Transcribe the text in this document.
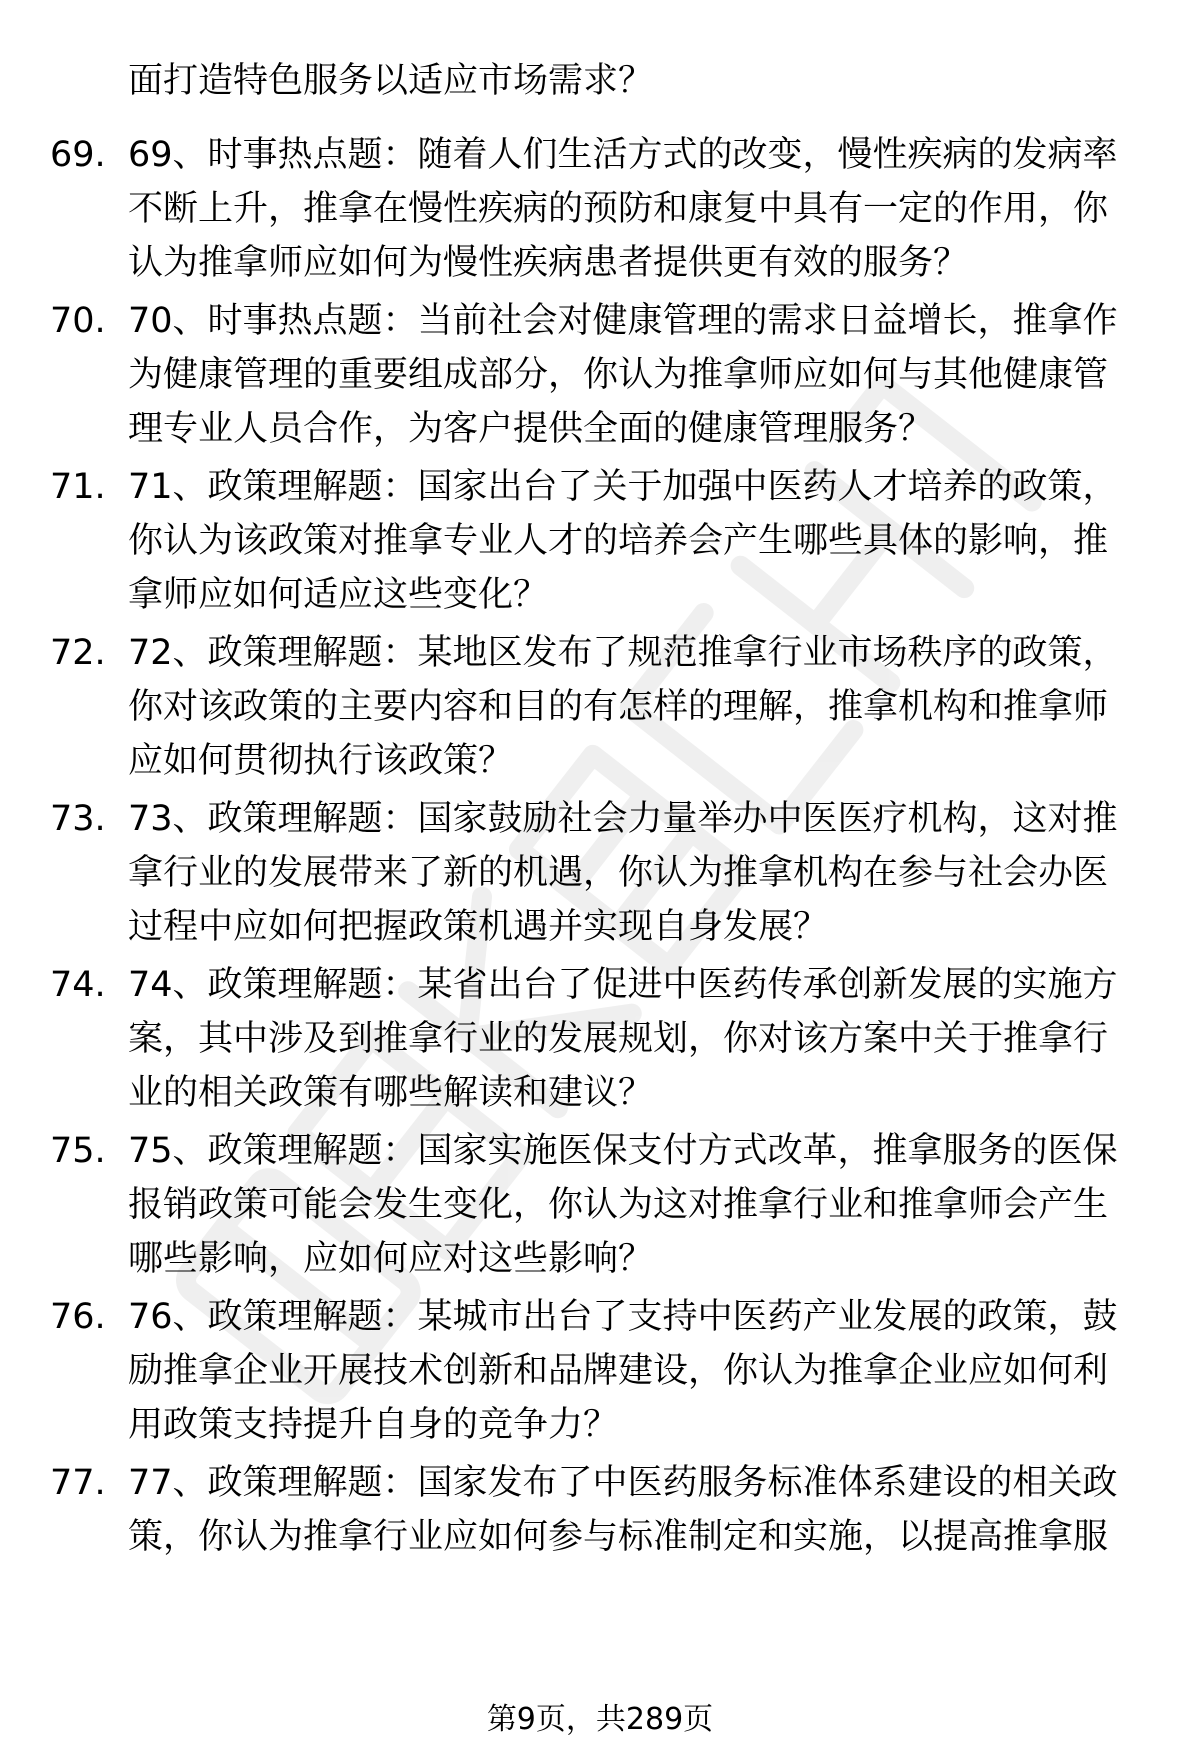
面打造特色服务以适应市场需求？
69. 69、时事热点题：随着人们生活方式的改变，慢性疾病的发病率
不断上升，推拿在慢性疾病的预防和康复中具有一定的作用，你
认为推拿师应如何为慢性疾病患者提供更有效的服务？
70. 70、时事热点题：当前社会对健康管理的需求日益增长，推拿作
为健康管理的重要组成部分，你认为推拿师应如何与其他健康管
理专业人员合作，为客户提供全面的健康管理服务？
71. 71、政策理解题：国家出台了关于加强中医药人才培养的政策，
你认为该政策对推拿专业人才的培养会产生哪些具体的影响，推
拿师应如何适应这些变化？
72. 72、政策理解题：某地区发布了规范推拿行业市场秩序的政策，
你对该政策的主要内容和目的有怎样的理解，推拿机构和推拿师
应如何贯彻执行该政策？
73. 73、政策理解题：国家鼓励社会力量举办中医医疗机构，这对推
拿行业的发展带来了新的机遇，你认为推拿机构在参与社会办医
过程中应如何把握政策机遇并实现自身发展？
74. 74、政策理解题：某省出台了促进中医药传承创新发展的实施方
案，其中涉及到推拿行业的发展规划，你对该方案中关于推拿行
业的相关政策有哪些解读和建议？
75. 75、政策理解题：国家实施医保支付方式改革，推拿服务的医保
报销政策可能会发生变化，你认为这对推拿行业和推拿师会产生
哪些影响，应如何应对这些影响？
76. 76、政策理解题：某城市出台了支持中医药产业发展的政策，鼓
励推拿企业开展技术创新和品牌建设，你认为推拿企业应如何利
用政策支持提升自身的竞争力？
77. 77、政策理解题：国家发布了中医药服务标准体系建设的相关政
策，你认为推拿行业应如何参与标准制定和实施，以提高推拿服
第9页，共289页
